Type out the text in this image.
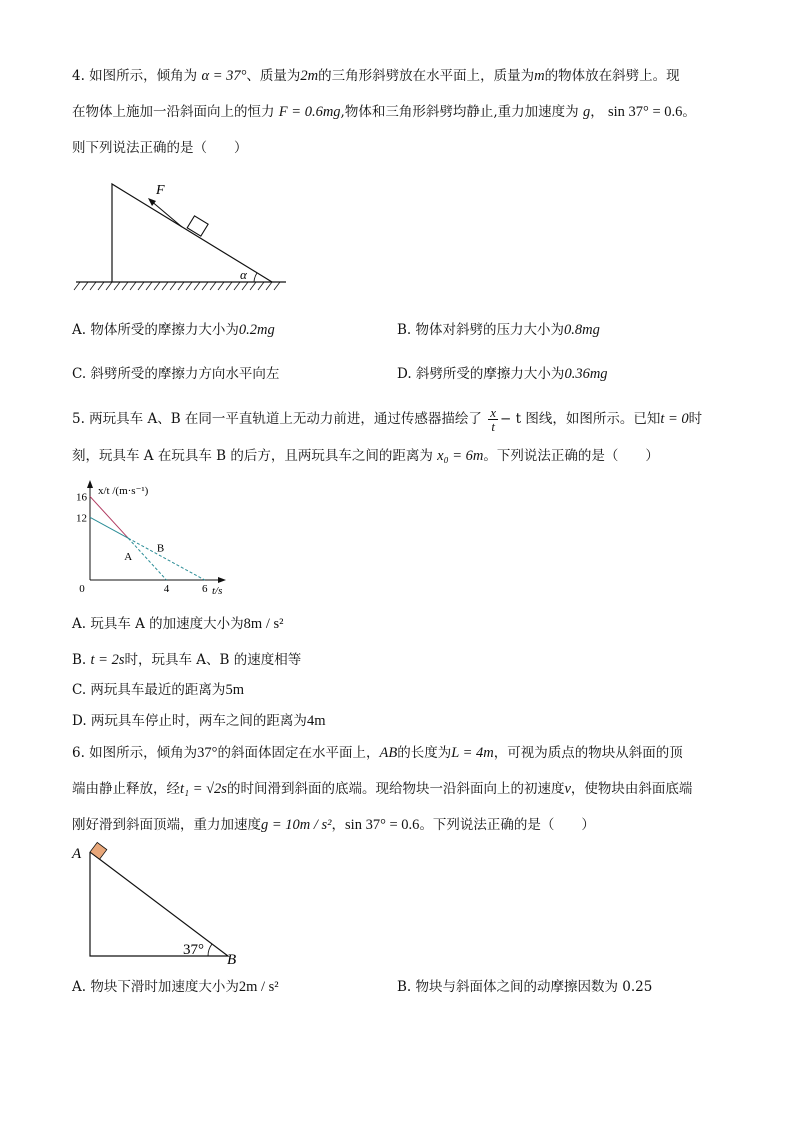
4. 如图所示，倾角为 α = 37°、质量为2m的三角形斜劈放在水平面上，质量为m的物体放在斜劈上。现
在物体上施加一沿斜面向上的恒力 F = 0.6mg,物体和三角形斜劈均静止,重力加速度为 g， sin 37° = 0.6。
则下列说法正确的是（　　）
F
α
A. 物体所受的摩擦力大小为0.2mg	B. 物体对斜劈的压力大小为0.8mg
C. 斜劈所受的摩擦力方向水平向左	D. 斜劈所受的摩擦力大小为0.36mg
5. 两玩具车 A、B 在同一平直轨道上无动力前进，通过传感器描绘了 $\frac{x}{t} - t$ 图线，如图所示。已知t = 0时
刻，玩具车 A 在玩具车 B 的后方，且两玩具车之间的距离为 x₀ = 6m。下列说法正确的是（　　）
x/t /(m·s⁻¹)
t/s
0	4	6
12
16
A
B
A. 玩具车 A 的加速度大小为8m / s²
B. t = 2s时，玩具车 A、B 的速度相等
C. 两玩具车最近的距离为5m
D. 两玩具车停止时，两车之间的距离为4m
6. 如图所示，倾角为37°的斜面体固定在水平面上，AB的长度为L = 4m，可视为质点的物块从斜面的顶
端由静止释放，经t₁ = √2s的时间滑到斜面的底端。现给物块一沿斜面向上的初速度v，使物块由斜面底端
刚好滑到斜面顶端，重力加速度g = 10m / s²，sin 37° = 0.6。下列说法正确的是（　　）
A
B
37°
A. 物块下滑时加速度大小为2m / s²	B. 物块与斜面体之间的动摩擦因数为 0.25
